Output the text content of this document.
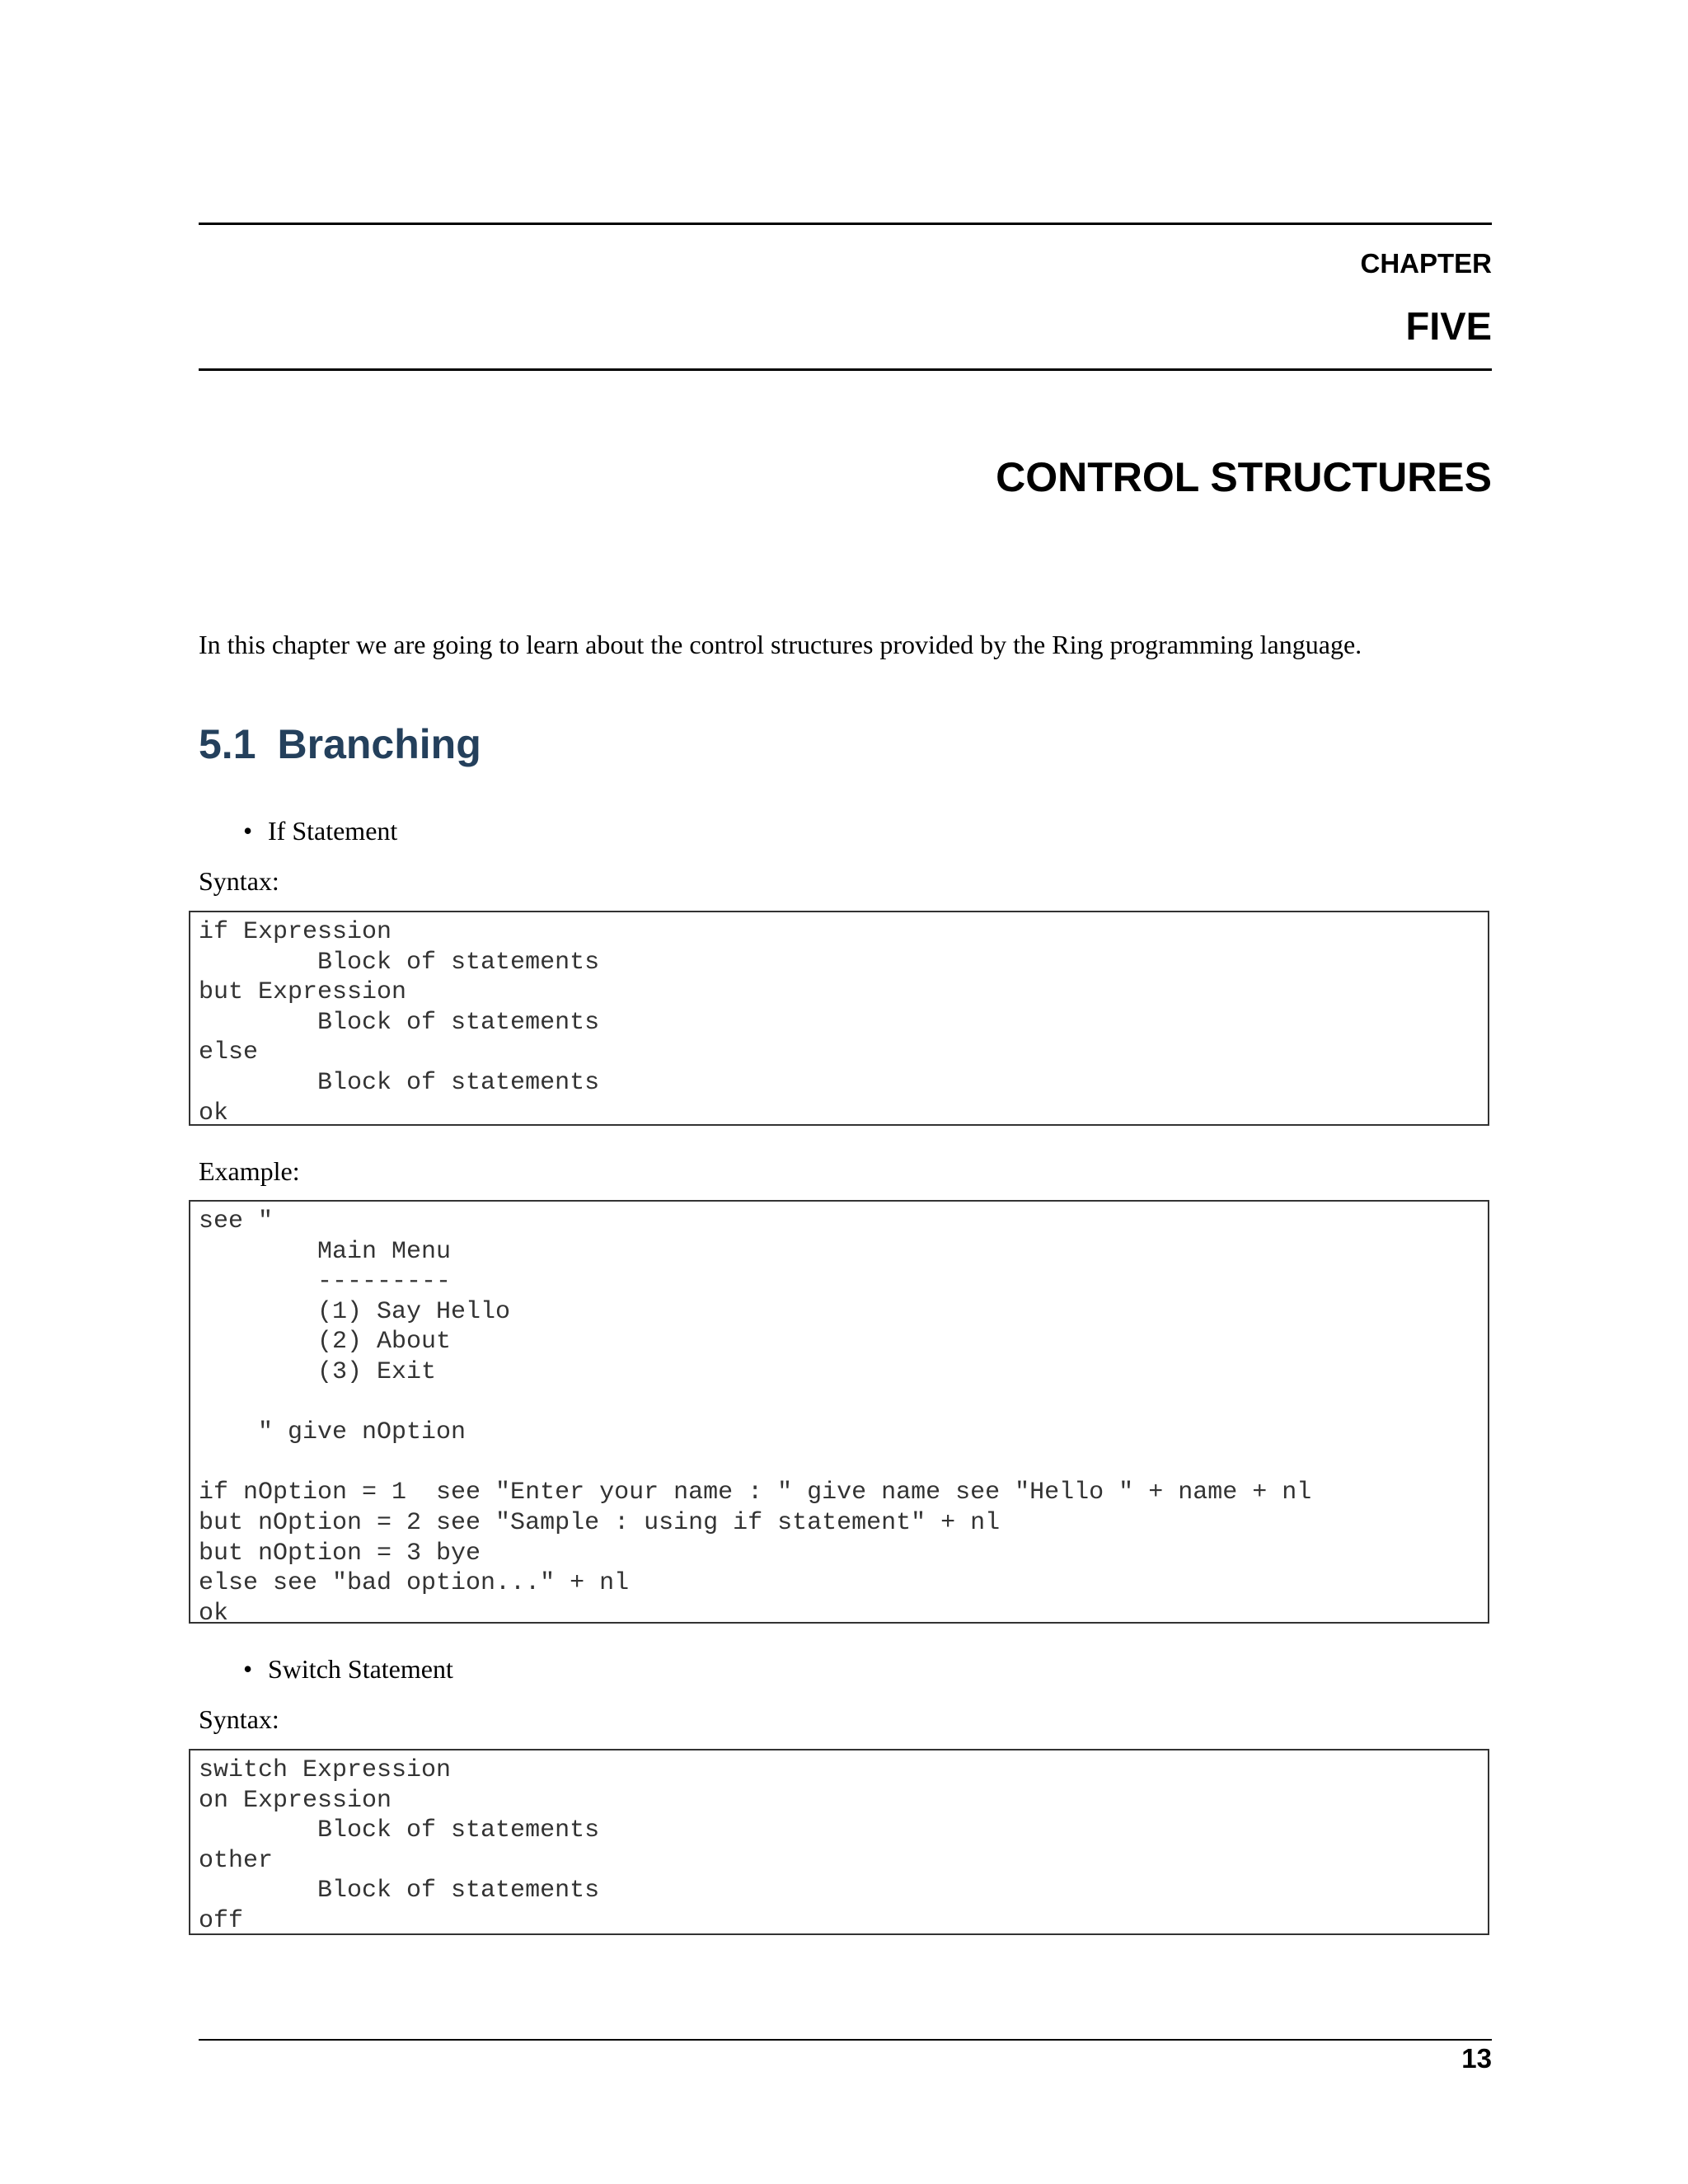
CHAPTER
FIVE
CONTROL STRUCTURES
In this chapter we are going to learn about the control structures provided by the Ring programming language.
5.1 Branching
• If Statement
Syntax:
if Expression
Block of statements
but Expression
Block of statements
else
Block of statements
ok
Example:
see "
Main Menu
---------
(1) Say Hello
(2) About
(3) Exit

" give nOption

if nOption = 1  see "Enter your name : " give name see "Hello " + name + nl
but nOption = 2 see "Sample : using if statement" + nl
but nOption = 3 bye
else see "bad option..." + nl
ok
• Switch Statement
Syntax:
switch Expression
on Expression
Block of statements
other
Block of statements
off
13
